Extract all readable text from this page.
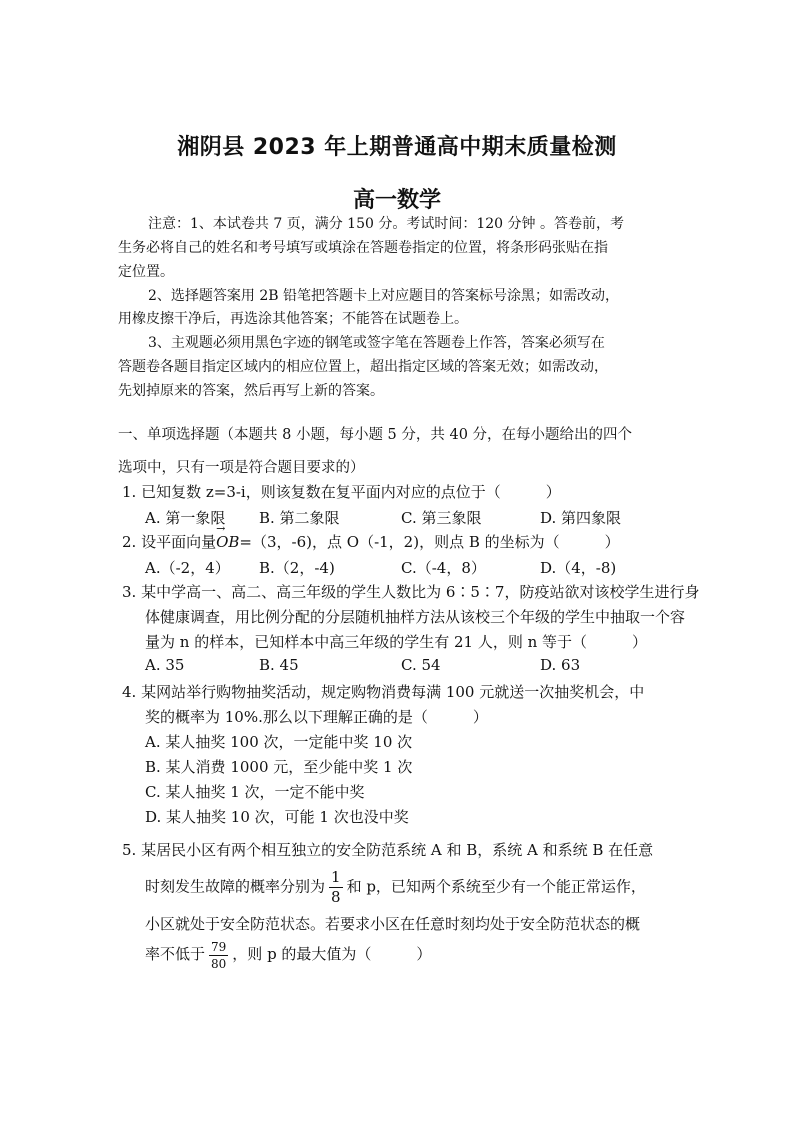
湘阴县 2023 年上期普通高中期末质量检测
高一数学
注意：1、本试卷共 7 页，满分 150 分。考试时间：120 分钟 。答卷前，考
生务必将自己的姓名和考号填写或填涂在答题卷指定的位置，将条形码张贴在指
定位置。
2、选择题答案用 2B 铅笔把答题卡上对应题目的答案标号涂黑；如需改动，
用橡皮擦干净后，再选涂其他答案；不能答在试题卷上。
3、主观题必须用黑色字迹的钢笔或签字笔在答题卷上作答，答案必须写在
答题卷各题目指定区域内的相应位置上，超出指定区域的答案无效；如需改动，
先划掉原来的答案，然后再写上新的答案。
一、单项选择题（本题共 8 小题，每小题 5 分，共 40 分，在每小题给出的四个
选项中，只有一项是符合题目要求的）
1. 已知复数 z=3-i，则该复数在复平面内对应的点位于（　　　）
A. 第一象限 B. 第二象限	C. 第三象限	D. 第四象限
2. 设平面向量→ OB=（3，-6)，点 O（-1，2)，则点 B 的坐标为（　　　）
A.（-2，4） B.（2，-4)	C.（-4，8）	D.（4，-8)
3. 某中学高一、高二、高三年级的学生人数比为 6∶5∶7，防疫站欲对该校学生进行身
体健康调查，用比例分配的分层随机抽样方法从该校三个年级的学生中抽取一个容
量为 n 的样本，已知样本中高三年级的学生有 21 人，则 n 等于（　　　）
A. 35	B. 45	C. 54	D. 63
4. 某网站举行购物抽奖活动，规定购物消费每满 100 元就送一次抽奖机会，中
奖的概率为 10%.那么以下理解正确的是（　　　）
A. 某人抽奖 100 次，一定能中奖 10 次
B. 某人消费 1000 元，至少能中奖 1 次
C. 某人抽奖 1 次，一定不能中奖
D. 某人抽奖 10 次，可能 1 次也没中奖
5. 某居民小区有两个相互独立的安全防范系统 A 和 B，系统 A 和系统 B 在任意
时刻发生故障的概率分别为 $\frac{1}{8}$ 和 p，已知两个系统至少有一个能正常运作，
小区就处于安全防范状态。若要求小区在任意时刻均处于安全防范状态的概
率不低于 $\frac{79}{80}$ ，则 p 的最大值为（　　　）
